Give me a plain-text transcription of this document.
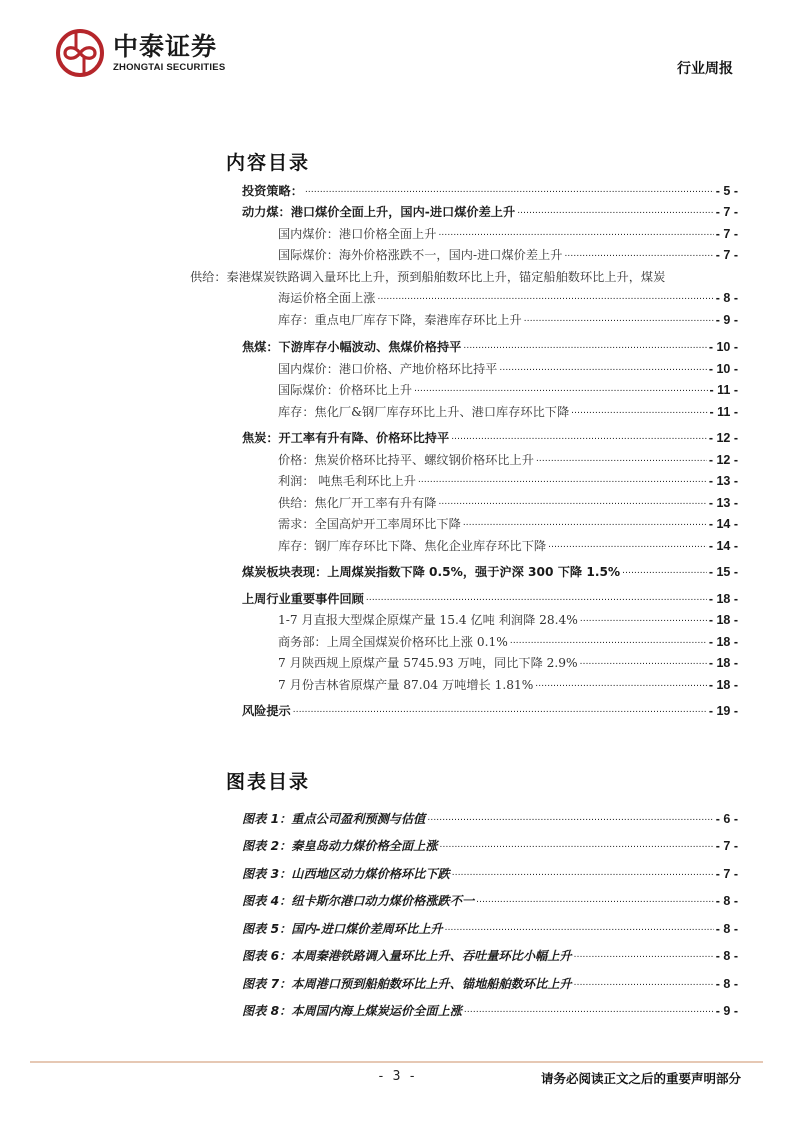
中泰证券
ZHONGTAI SECURITIES	行业周报
内容目录
投资策略： .....	- 5 -
动力煤：港口煤价全面上升，国内-进口煤价差上升 .....	- 7 -
国内煤价：港口价格全面上升 .....	- 7 -
国际煤价：海外价格涨跌不一，国内-进口煤价差上升 .....	- 7 -
供给：秦港煤炭铁路调入量环比上升，预到船舶数环比上升，锚定船舶数环比上升，煤炭
海运价格全面上涨 .....	- 8 -
库存：重点电厂库存下降，秦港库存环比上升 .....	- 9 -
焦煤：下游库存小幅波动、焦煤价格持平 .....	- 10 -
国内煤价：港口价格、产地价格环比持平 .....	- 10 -
国际煤价：价格环比上升 .....	- 11 -
库存：焦化厂&钢厂库存环比上升、港口库存环比下降 .....	- 11 -
焦炭：开工率有升有降、价格环比持平 .....	- 12 -
价格：焦炭价格环比持平、螺纹钢价格环比上升 .....	- 12 -
利润： 吨焦毛利环比上升 .....	- 13 -
供给：焦化厂开工率有升有降 .....	- 13 -
需求：全国高炉开工率周环比下降 .....	- 14 -
库存：钢厂库存环比下降、焦化企业库存环比下降 .....	- 14 -
煤炭板块表现：上周煤炭指数下降 0.5%，强于沪深 300 下降 1.5% .....	- 15 -
上周行业重要事件回顾 .....	- 18 -
1-7 月直报大型煤企原煤产量 15.4 亿吨 利润降 28.4% .....	- 18 -
商务部：上周全国煤炭价格环比上涨 0.1% .....	- 18 -
7 月陕西规上原煤产量 5745.93 万吨，同比下降 2.9% .....	- 18 -
7 月份吉林省原煤产量 87.04 万吨增长 1.81% .....	- 18 -
风险提示 .....	- 19 -
图表目录
图表 1：重点公司盈利预测与估值 .....	- 6 -
图表 2：秦皇岛动力煤价格全面上涨 .....	- 7 -
图表 3：山西地区动力煤价格环比下跌 .....	- 7 -
图表 4：纽卡斯尔港口动力煤价格涨跌不一 .....	- 8 -
图表 5：国内-进口煤价差周环比上升 .....	- 8 -
图表 6：本周秦港铁路调入量环比上升、吞吐量环比小幅上升 .....	- 8 -
图表 7：本周港口预到船舶数环比上升、锚地船舶数环比上升 .....	- 8 -
图表 8：本周国内海上煤炭运价全面上涨 .....	- 9 -
- 3 -	请务必阅读正文之后的重要声明部分
